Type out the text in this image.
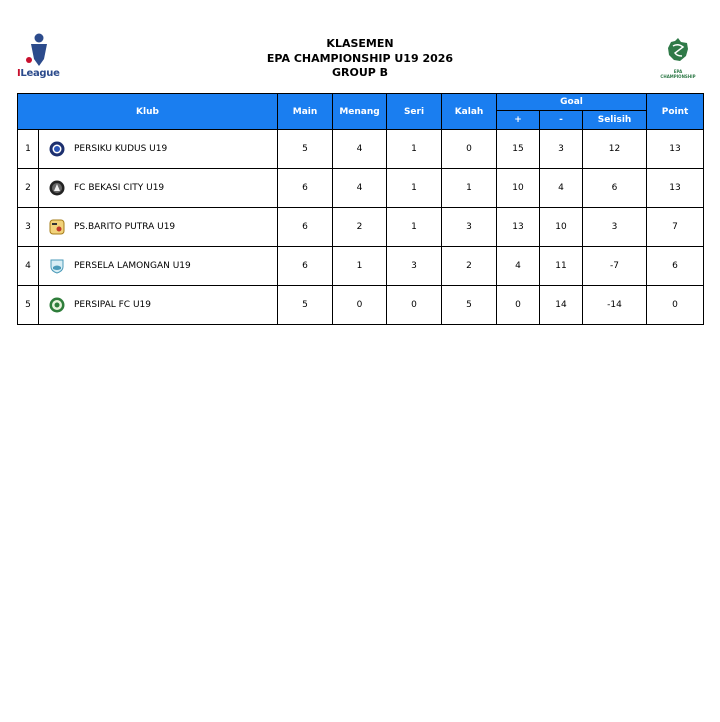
ILeague
KLASEMEN
EPA CHAMPIONSHIP U19 2026
GROUP B	EPA
CHAMPIONSHIP
Klub		Main	Menang	Seri	Kalah	Goal			Point
						+	-	Selisih	
1	PERSIKU KUDUS U19	5	4	1	0	15	3	12	13
2	FC BEKASI CITY U19	6	4	1	1	10	4	6	13
3	PS.BARITO PUTRA U19	6	2	1	3	13	10	3	7
4	PERSELA LAMONGAN U19	6	1	3	2	4	11	-7	6
5	PERSIPAL FC U19	5	0	0	5	0	14	-14	0
